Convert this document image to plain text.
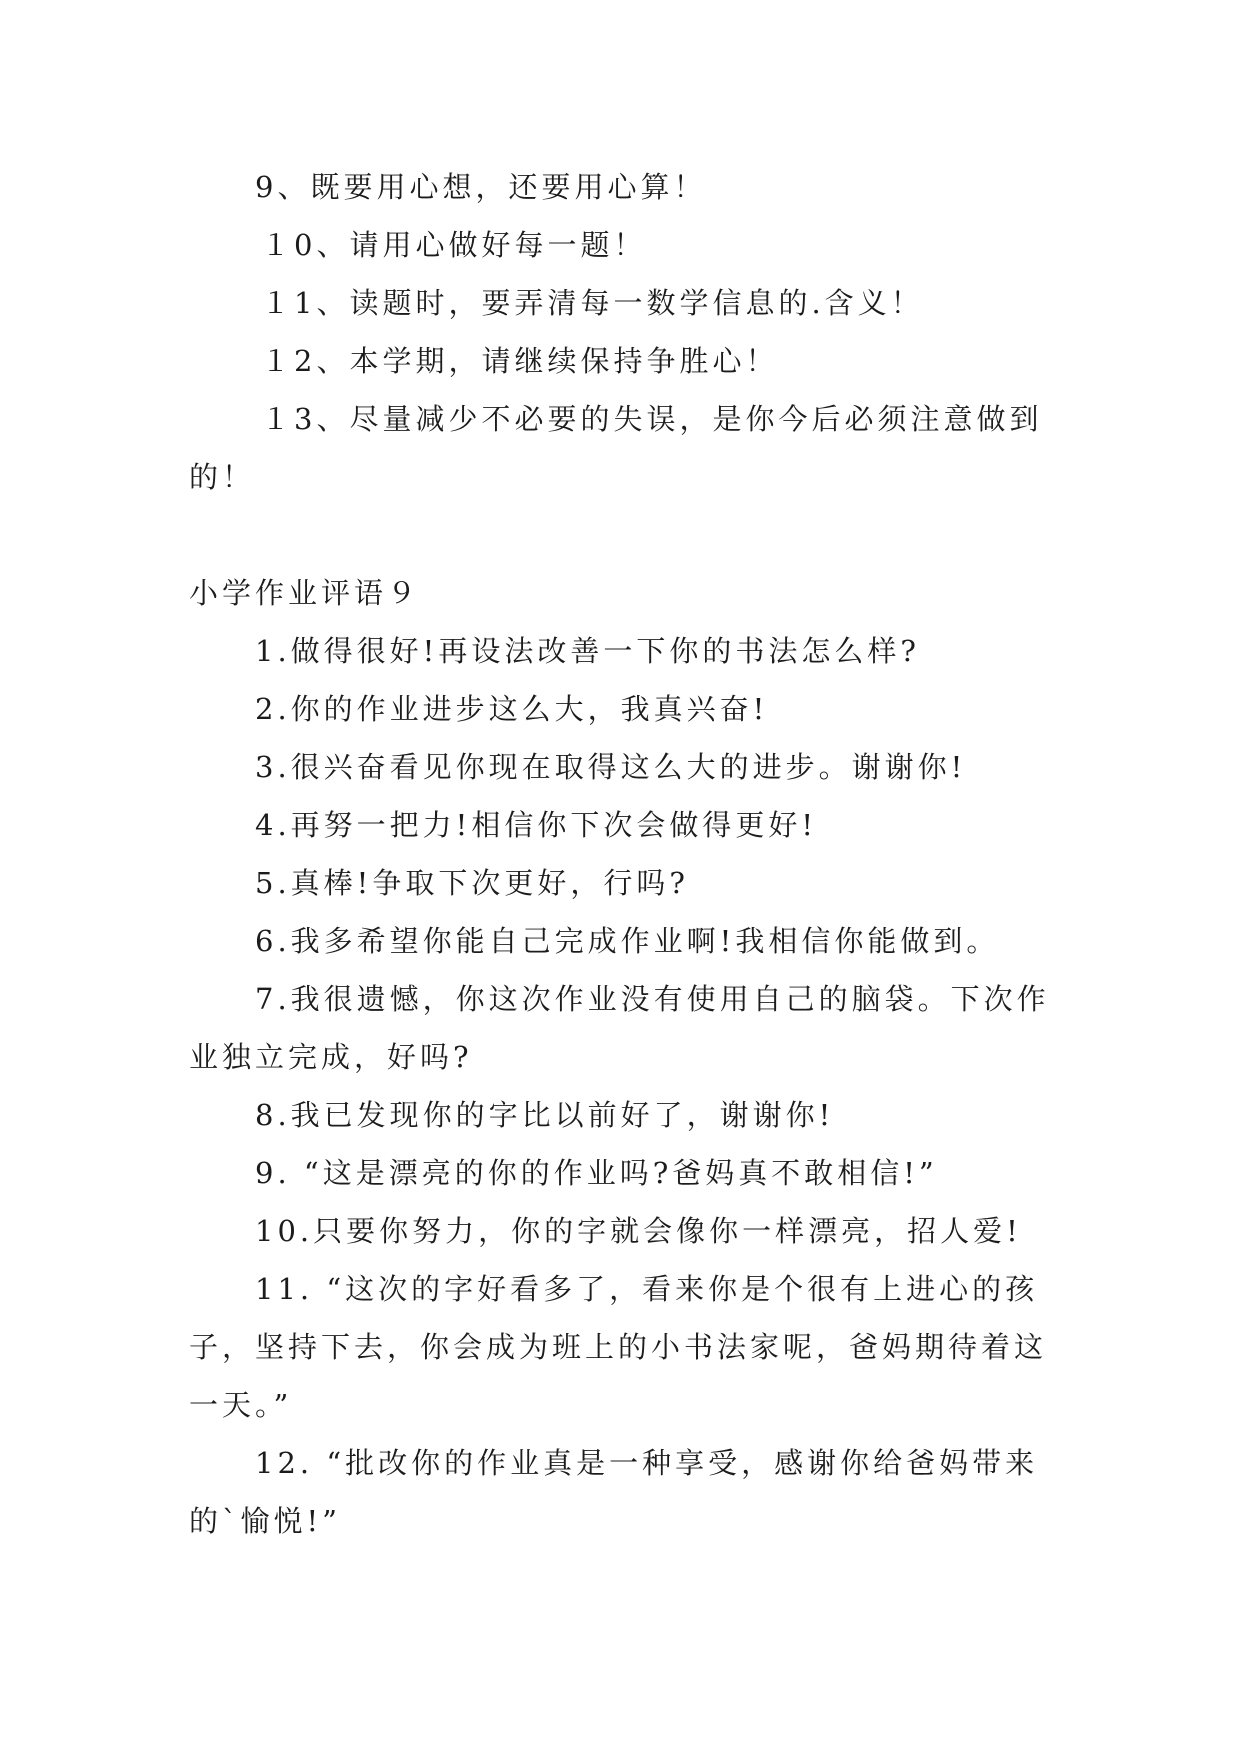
9、既要用心想，还要用心算！
１0、请用心做好每一题！
１1、读题时，要弄清每一数学信息的.含义！
１2、本学期，请继续保持争胜心！
１3、尽量减少不必要的失误，是你今后必须注意做到的！
小学作业评语９
1.做得很好!再设法改善一下你的书法怎么样?
2.你的作业进步这么大，我真兴奋!
3.很兴奋看见你现在取得这么大的进步。谢谢你!
4.再努一把力!相信你下次会做得更好!
5.真棒!争取下次更好，行吗?
6.我多希望你能自己完成作业啊!我相信你能做到。
7.我很遗憾，你这次作业没有使用自己的脑袋。下次作业独立完成，好吗?
8.我已发现你的字比以前好了，谢谢你!
9. “这是漂亮的你的作业吗?爸妈真不敢相信!”
10.只要你努力，你的字就会像你一样漂亮，招人爱!
11. “这次的字好看多了，看来你是个很有上进心的孩子，坚持下去，你会成为班上的小书法家呢，爸妈期待着这一天。”
12. “批改你的作业真是一种享受，感谢你给爸妈带来的`愉悦!”
